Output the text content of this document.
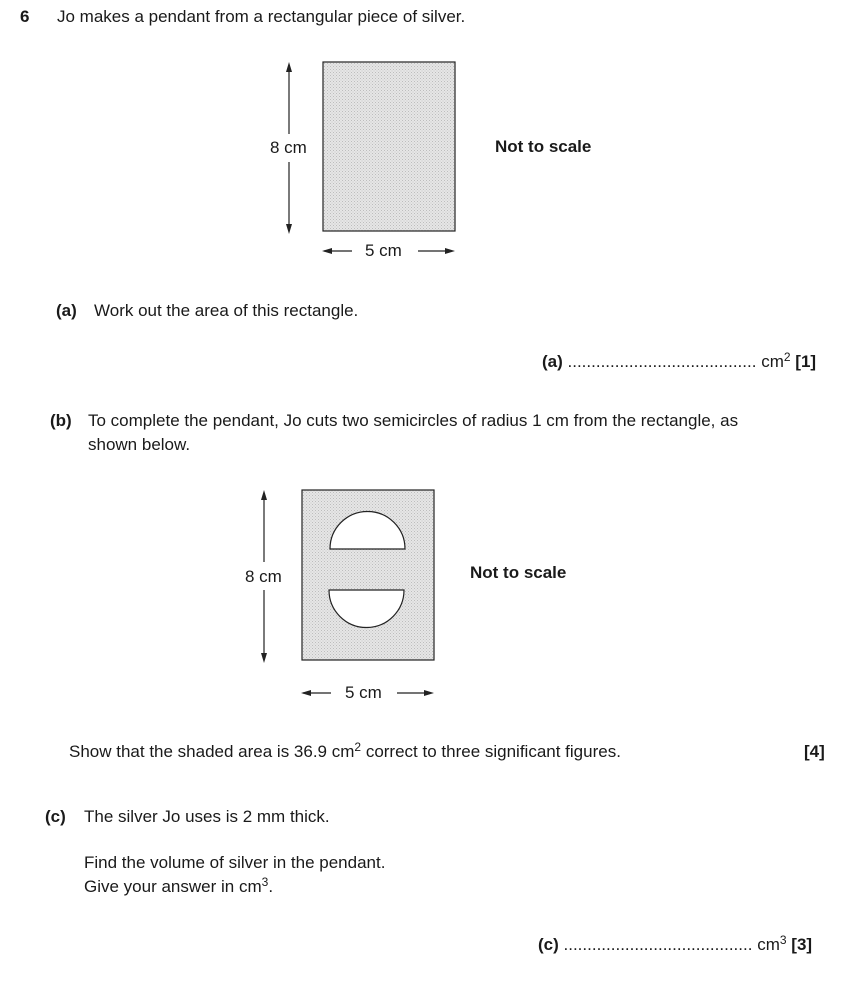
6 Jo makes a pendant from a rectangular piece of silver.
8 cm
5 cm
Not to scale
(a) Work out the area of this rectangle.
(a) ........................................ $cm^2$ [1]
(b) To complete the pendant, Jo cuts two semicircles of radius 1 cm from the rectangle, as
shown below.
8 cm
5 cm
Not to scale
Show that the shaded area is 36.9 $cm^2$ correct to three significant figures.	[4]
(c) The silver Jo uses is 2 mm thick.
Find the volume of silver in the pendant.
Give your answer in $cm^3$.
(c) ........................................ $cm^3$ [3]
